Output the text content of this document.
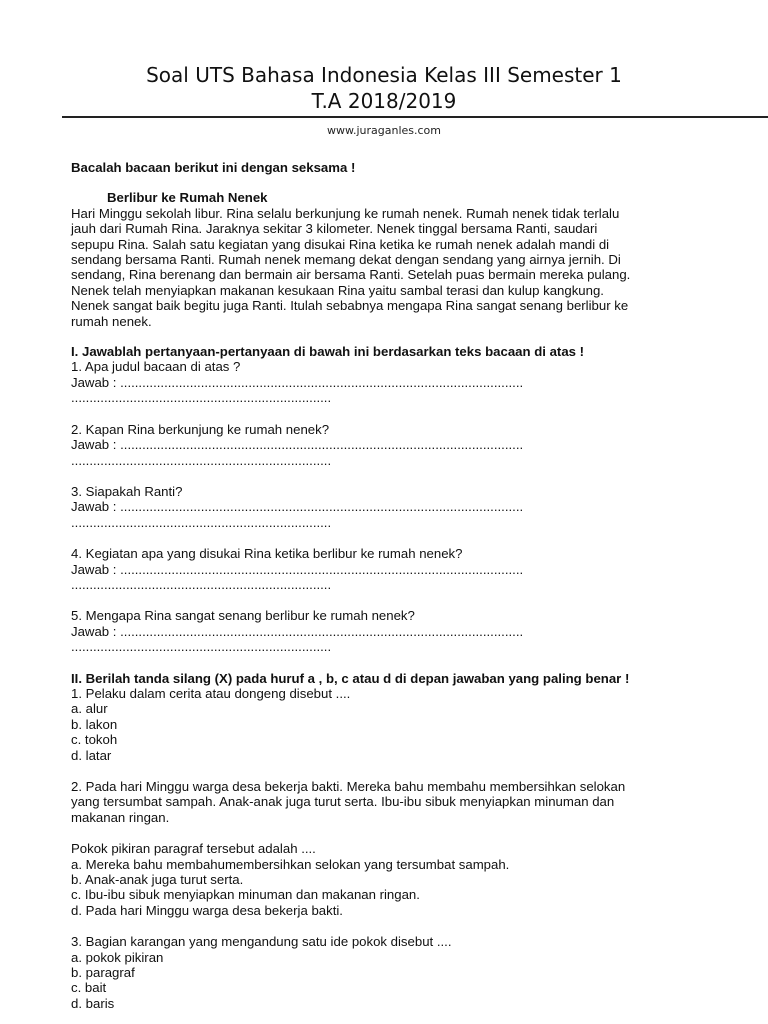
Soal UTS Bahasa Indonesia Kelas III Semester 1
T.A 2018/2019
www.juraganles.com

Bacalah bacaan berikut ini dengan seksama !

Berlibur ke Rumah Nenek

Hari Minggu sekolah libur. Rina selalu berkunjung ke rumah nenek. Rumah nenek tidak terlalu
jauh dari Rumah Rina. Jaraknya sekitar 3 kilometer. Nenek tinggal bersama Ranti, saudari
sepupu Rina. Salah satu kegiatan yang disukai Rina ketika ke rumah nenek adalah mandi di
sendang bersama Ranti. Rumah nenek memang dekat dengan sendang yang airnya jernih. Di
sendang, Rina berenang dan bermain air bersama Ranti. Setelah puas bermain mereka pulang.
Nenek telah menyiapkan makanan kesukaan Rina yaitu sambal terasi dan kulup kangkung.
Nenek sangat baik begitu juga Ranti. Itulah sebabnya mengapa Rina sangat senang berlibur ke
rumah nenek.

I. Jawablah pertanyaan-pertanyaan di bawah ini berdasarkan teks bacaan di atas !

1. Apa judul bacaan di atas ?
Jawab : ..............................................................................................................
.......................................................................
2. Kapan Rina berkunjung ke rumah nenek?
Jawab : ..............................................................................................................
.......................................................................
3. Siapakah Ranti?
Jawab : ..............................................................................................................
.......................................................................
4. Kegiatan apa yang disukai Rina ketika berlibur ke rumah nenek?
Jawab : ..............................................................................................................
.......................................................................
5. Mengapa Rina sangat senang berlibur ke rumah nenek?
Jawab : ..............................................................................................................
.......................................................................

II. Berilah tanda silang (X) pada huruf a , b, c atau d di depan jawaban yang paling benar !

1. Pelaku dalam cerita atau dongeng disebut ....
a. alur
b. lakon
c. tokoh
d. latar
2. Pada hari Minggu warga desa bekerja bakti. Mereka bahu membahu membersihkan selokan
yang tersumbat sampah. Anak-anak juga turut serta. Ibu-ibu sibuk menyiapkan minuman dan
makanan ringan.
Pokok pikiran paragraf tersebut adalah ....
a. Mereka bahu membahumembersihkan selokan yang tersumbat sampah.
b. Anak-anak juga turut serta.
c. Ibu-ibu sibuk menyiapkan minuman dan makanan ringan.
d. Pada hari Minggu warga desa bekerja bakti.
3. Bagian karangan yang mengandung satu ide pokok disebut ....
a. pokok pikiran
b. paragraf
c. bait
d. baris
